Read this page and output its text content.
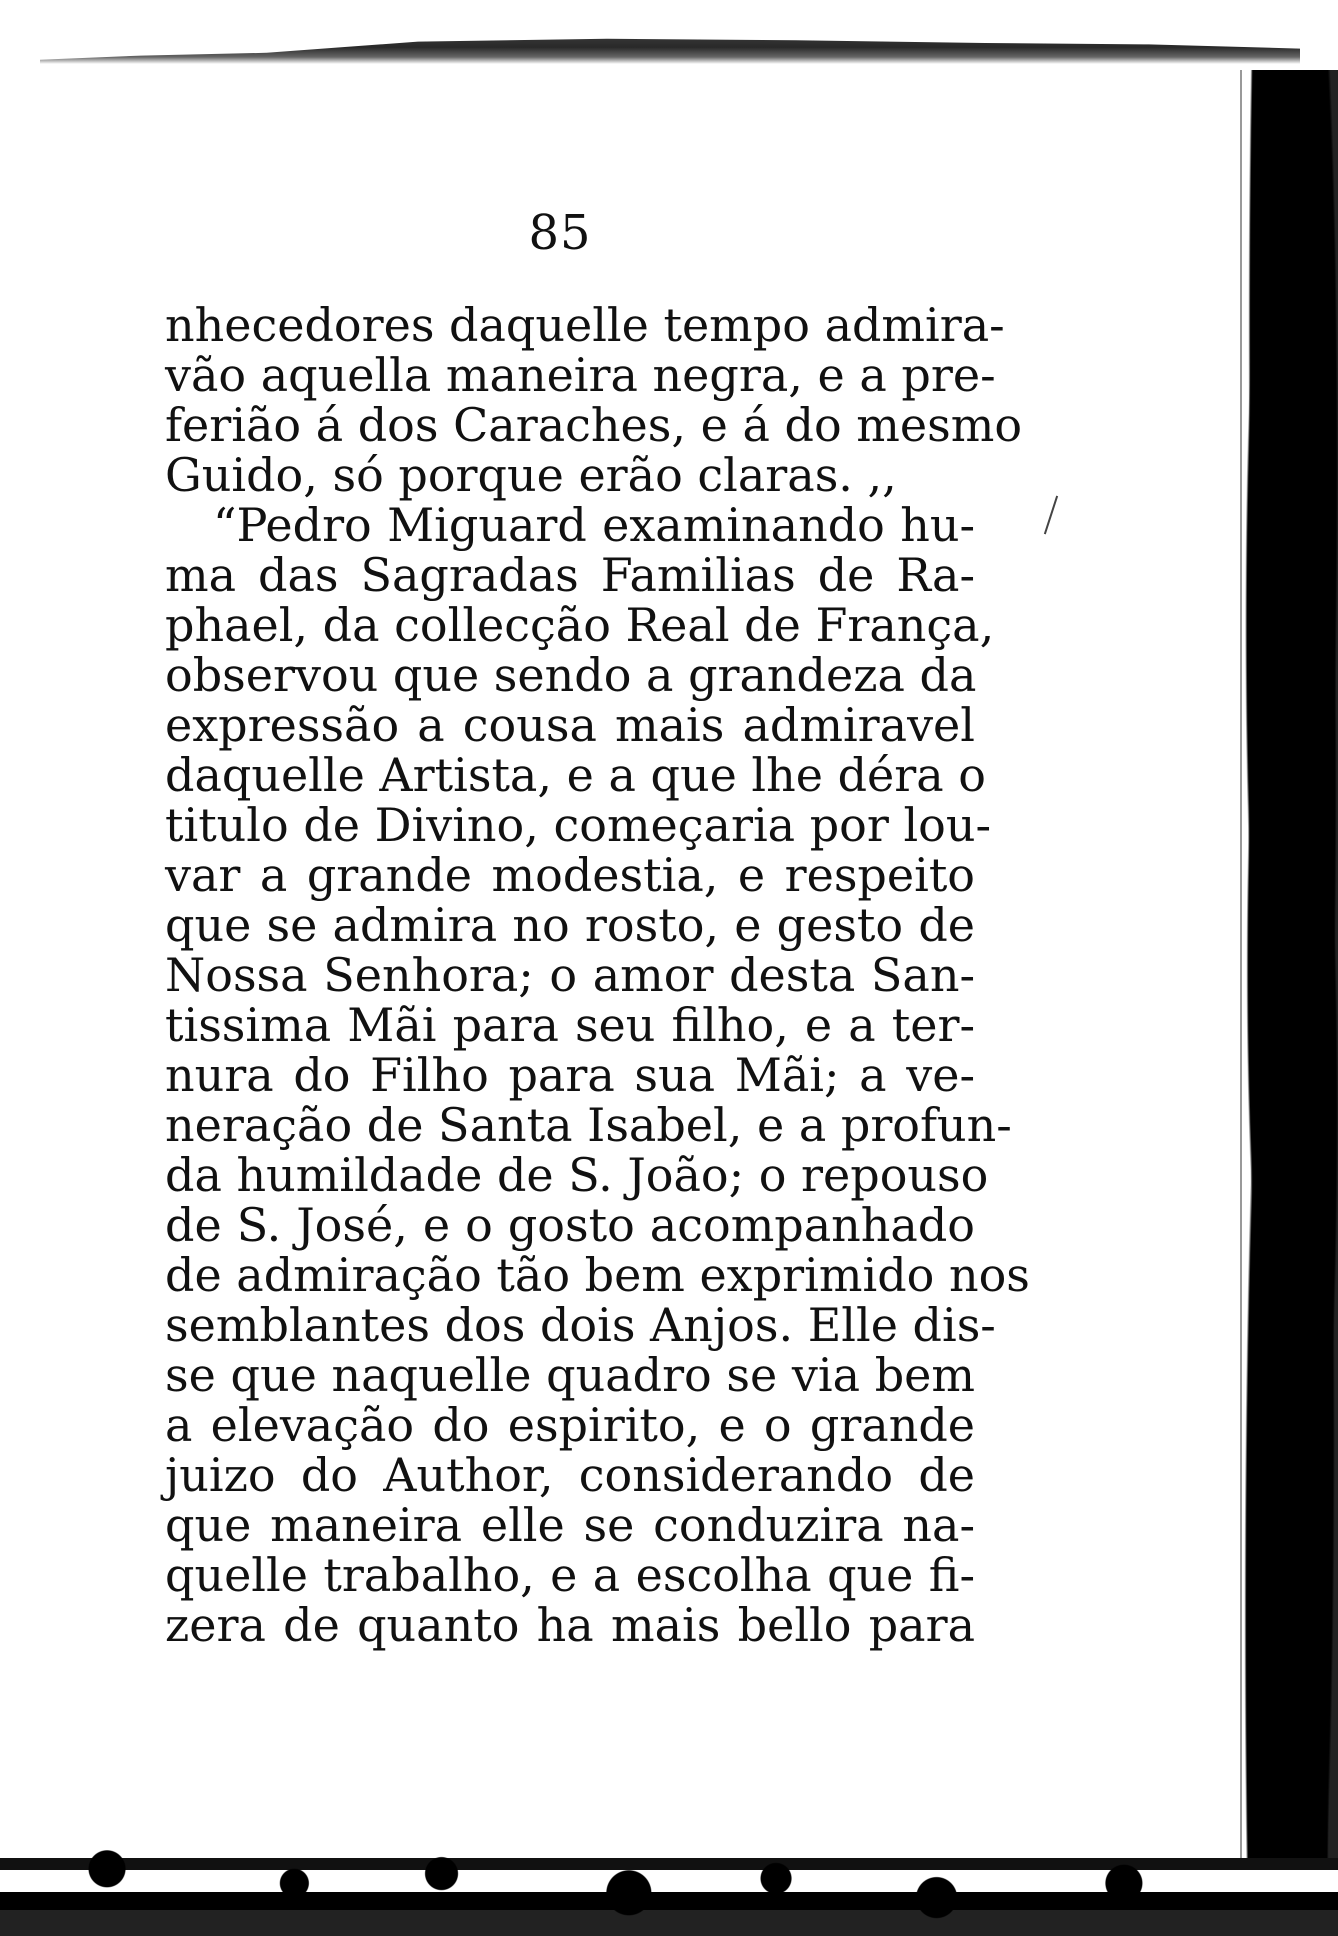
85
nhecedores daquelle tempo admira-
vão aquella maneira negra, e a pre-
ferião á dos Caraches, e á do mesmo
Guido, só porque erão claras. ,,
“Pedro Miguard examinando hu-
ma das Sagradas Familias de Ra-
phael, da collecção Real de França,
observou que sendo a grandeza da
expressão a cousa mais admiravel
daquelle Artista, e a que lhe déra o
titulo de Divino, começaria por lou-
var a grande modestia, e respeito
que se admira no rosto, e gesto de
Nossa Senhora; o amor desta San-
tissima Mãi para seu filho, e a ter-
nura do Filho para sua Mãi; a ve-
neração de Santa Isabel, e a profun-
da humildade de S. João; o repouso
de S. José, e o gosto acompanhado
de admiração tão bem exprimido nos
semblantes dos dois Anjos. Elle dis-
se que naquelle quadro se via bem
a elevação do espirito, e o grande
juizo do Author, considerando de
que maneira elle se conduzira na-
quelle trabalho, e a escolha que fi-
zera de quanto ha mais bello para
